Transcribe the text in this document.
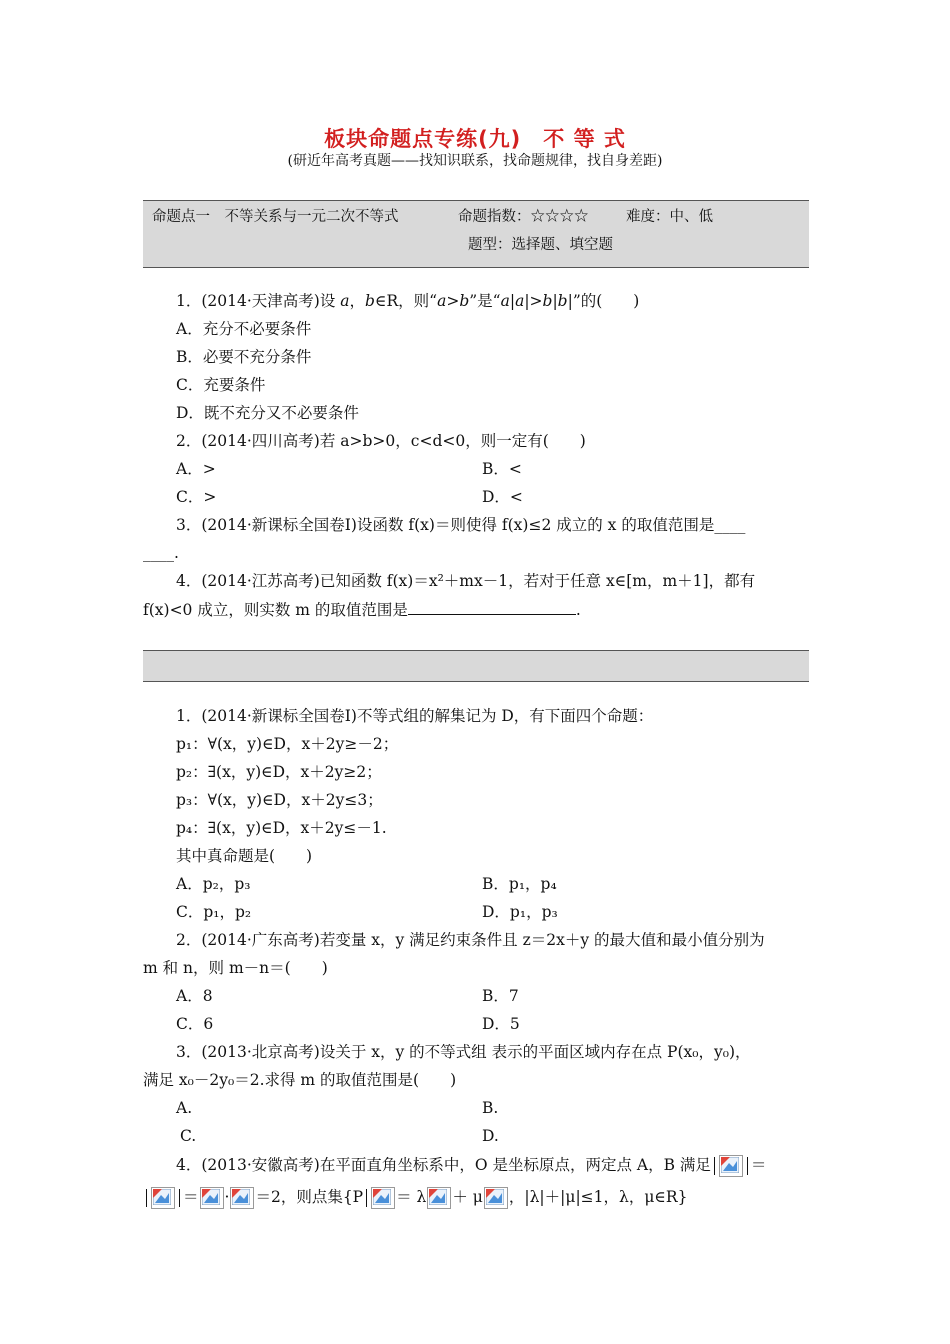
板块命题点专练(九)　不 等 式
(研近年高考真题——找知识联系，找命题规律，找自身差距)
命题点一　不等关系与一元二次不等式	命题指数：☆☆☆☆	难度：中、低
题型：选择题、填空题
1．(2014·天津高考)设 a，b∈R，则“a>b”是“a|a|>b|b|”的(　　)
A．充分不必要条件
B．必要不充分条件
C．充要条件
D．既不充分又不必要条件
2．(2014·四川高考)若 a>b>0，c<d<0，则一定有(　　)
A．>	B．<
C．>	D．<
3．(2014·新课标全国卷Ⅰ)设函数 f(x)＝则使得 f(x)≤2 成立的 x 的取值范围是____
____.
4．(2014·江苏高考)已知函数 f(x)＝x²＋mx－1，若对于任意 x∈[m，m＋1]，都有
f(x)<0 成立，则实数 m 的取值范围是	.
1．(2014·新课标全国卷Ⅰ)不等式组的解集记为 D，有下面四个命题：
p₁：∀(x，y)∈D，x＋2y≥－2；
p₂：∃(x，y)∈D，x＋2y≥2；
p₃：∀(x，y)∈D，x＋2y≤3；
p₄：∃(x，y)∈D，x＋2y≤－1.
其中真命题是(　　)
A．p₂，p₃	B．p₁，p₄
C．p₁，p₂	D．p₁，p₃
2．(2014·广东高考)若变量 x，y 满足约束条件且 z＝2x＋y 的最大值和最小值分别为
m 和 n，则 m－n＝(　　)
A．8	B．7
C．6	D．5
3．(2013·北京高考)设关于 x，y 的不等式组 表示的平面区域内存在点 P(x₀，y₀)，
满足 x₀－2y₀＝2.求得 m 的取值范围是(　　)
A.	B.
C.	D.
4．(2013·安徽高考)在平面直角坐标系中，O 是坐标原点，两定点 A，B 满足	＝
＝ · ＝2，则点集{P ＝ λ ＋ μ ，|λ|＋|μ|≤1，λ，μ∈R}
